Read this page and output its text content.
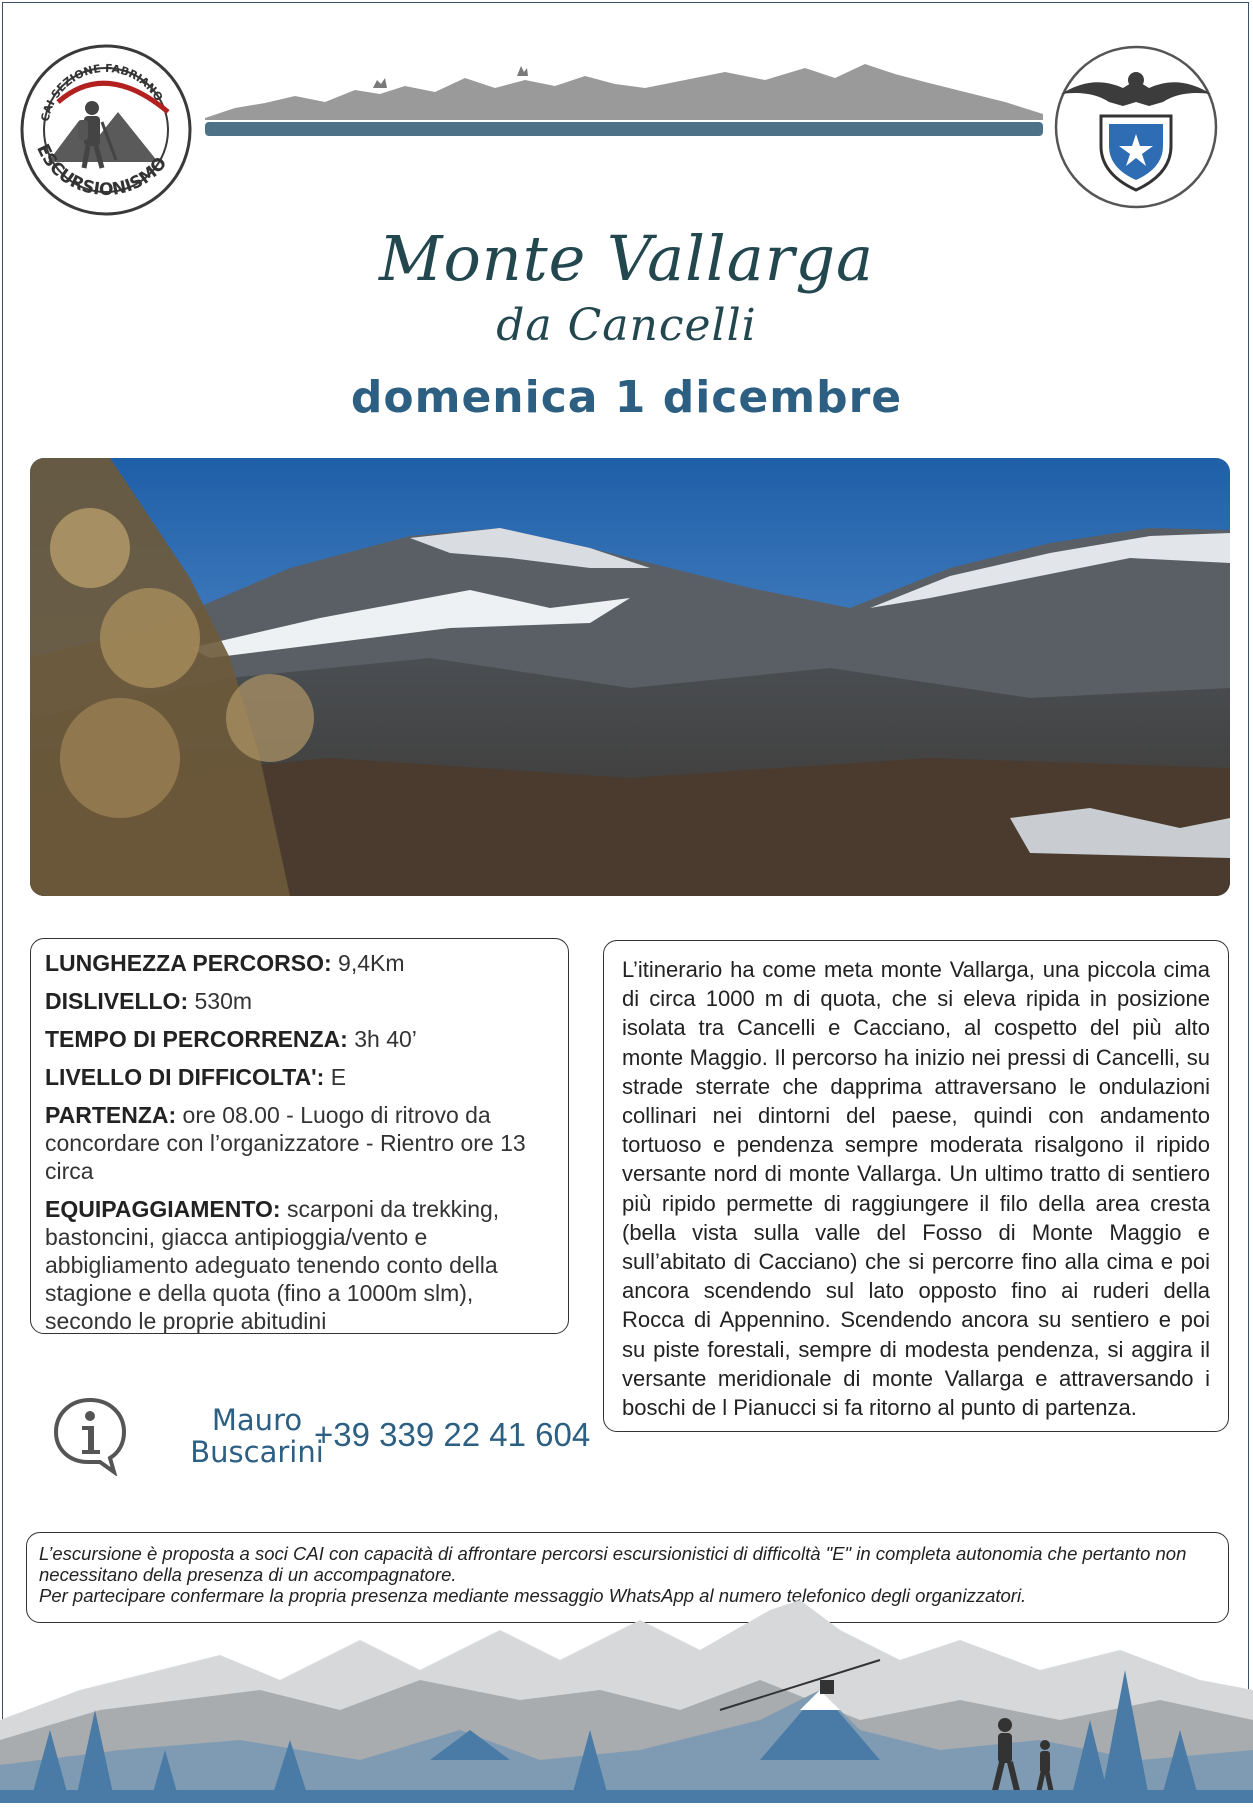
CAI SEZIONE FABRIANO
ESCURSIONISMO
Monte Vallarga
da Cancelli
domenica 1 dicembre

LUNGHEZZA PERCORSO: 9,4Km

DISLIVELLO: 530m

TEMPO DI PERCORRENZA: 3h 40’

LIVELLO DI DIFFICOLTA': E

PARTENZA: ore 08.00 - Luogo di ritrovo da concordare con l’organizzatore - Rientro ore 13 circa

EQUIPAGGIAMENTO: scarponi da trekking, bastoncini, giacca antipioggia/vento e abbigliamento adeguato tenendo conto della stagione e della quota (fino a 1000m slm), secondo le proprie abitudini

L’itinerario ha come meta monte Vallarga, una piccola cima di circa 1000 m di quota, che si eleva ripida in posizione isolata tra Cancelli e Cacciano, al cospetto del più alto monte Maggio. Il percorso ha inizio nei pressi di Cancelli, su strade sterrate che dapprima attraversano le ondulazioni collinari nei dintorni del paese, quindi con andamento tortuoso e pendenza sempre moderata risalgono il ripido versante nord di monte Vallarga. Un ultimo tratto di sentiero più ripido permette di raggiungere il filo della area cresta (bella vista sulla valle del Fosso di Monte Maggio e sull’abitato di Cacciano) che si percorre fino alla cima e poi ancora scendendo sul lato opposto fino ai ruderi della Rocca di Appennino. Scendendo ancora su sentiero e poi su piste forestali, sempre di modesta pendenza, si aggira il versante meridionale di monte Vallarga e attraversando i boschi de l Pianucci si fa ritorno al punto di partenza.
Mauro
Buscarini
+39 339 22 41 604

L’escursione è proposta a soci CAI con capacità di affrontare percorsi escursionistici di difficoltà "E" in completa autonomia che pertanto non necessitano della presenza di un accompagnatore.

Per partecipare confermare la propria presenza mediante messaggio WhatsApp al numero telefonico degli organizzatori.
